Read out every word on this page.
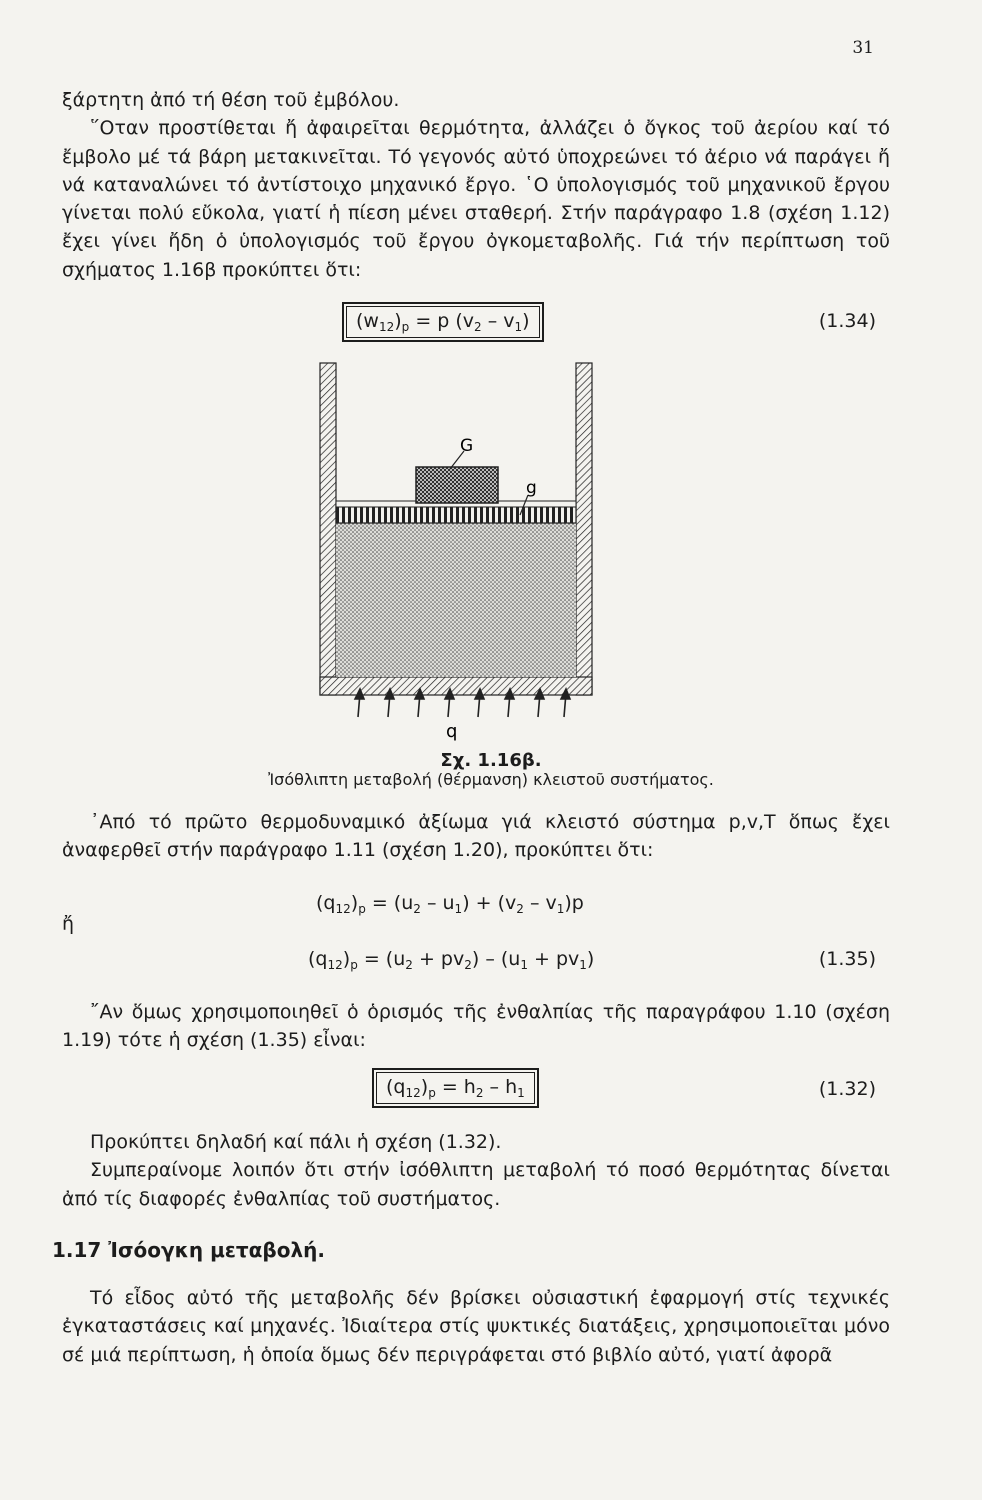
31

ξάρτητη ἀπό τή θέση τοῦ ἐμβόλου.

῞Οταν προστίθεται ἤ ἀφαιρεῖται θερμότητα, ἀλλάζει ὁ ὄγκος τοῦ ἀερίου καί τό ἔμβολο μέ τά βάρη μετακινεῖται. Τό γεγονός αὐτό ὑποχρεώνει τό ἀέριο νά παράγει ἤ νά καταναλώνει τό ἀντίστοιχο μηχανικό ἔργο. ῾Ο ὑπολογισμός τοῦ μηχανικοῦ ἔργου γίνεται πολύ εὔκολα, γιατί ἡ πίεση μένει σταθερή. Στήν παράγραφο 1.8 (σχέση 1.12) ἔχει γίνει ἤδη ὁ ὑπολογισμός τοῦ ἔργου ὀγκομεταβολῆς. Γιά τήν περίπτωση τοῦ σχήματος 1.16β προκύπτει ὅτι:

$(w_{12})_p = p$ $(v_2 - v_1)$	(1.34)
G
g
q
Σχ. 1.16β.
Ἰσόθλιπτη μεταβολή (θέρμανση) κλειστοῦ συστήματος.

᾽Από τό πρῶτο θερμοδυναμικό ἀξίωμα γιά κλειστό σύστημα p,v,T ὅπως ἔχει ἀναφερθεῖ στήν παράγραφο 1.11 (σχέση 1.20), προκύπτει ὅτι:

$(q_{12})_p = (u_2 - u_1) + (v_2 - v_1)p$
ἤ
$(q_{12})_p = (u_2 + pv_2) - (u_1 + pv_1)$	(1.35)

῎Αν ὅμως χρησιμοποιηθεῖ ὁ ὁρισμός τῆς ἐνθαλπίας τῆς παραγράφου 1.10 (σχέση 1.19) τότε ἡ σχέση (1.35) εἶναι:

$(q_{12})_p = h_2 - h_1$	(1.32)

Προκύπτει δηλαδή καί πάλι ἡ σχέση (1.32).

Συμπεραίνομε λοιπόν ὅτι στήν ἰσόθλιπτη μεταβολή τό ποσό θερμότητας δίνεται ἀπό τίς διαφορές ἐνθαλπίας τοῦ συστήματος.

1.17 Ἰσόογκη μεταβολή.

Τό εἶδος αὐτό τῆς μεταβολῆς δέν βρίσκει οὐσιαστική ἐφαρμογή στίς τεχνικές ἐγκαταστάσεις καί μηχανές. Ἰδιαίτερα στίς ψυκτικές διατάξεις, χρησιμοποιεῖται μόνο σέ μιά περίπτωση, ἡ ὁποία ὅμως δέν περιγράφεται στό βιβλίο αὐτό, γιατί ἀφορᾶ
